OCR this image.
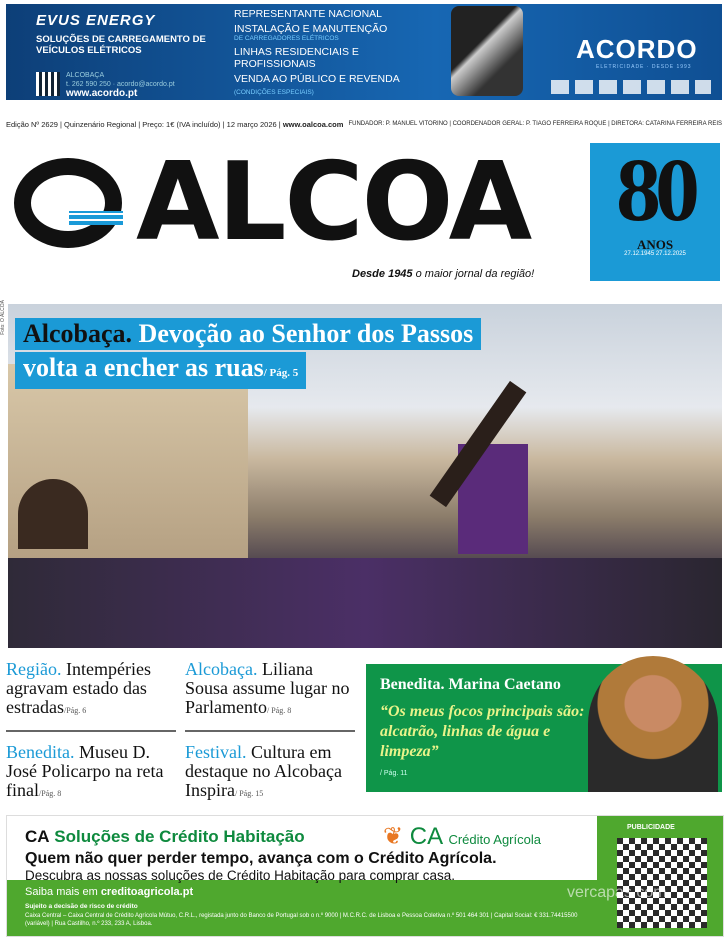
EVUS ENERGY
SOLUÇÕES DE CARREGAMENTO DE VEÍCULOS ELÉTRICOS
ALCOBAÇA
t. 262 590 250 · acordo@acordo.pt
www.acordo.pt
REPRESENTANTE NACIONAL
INSTALAÇÃO E MANUTENÇÃO
DE CARREGADORES ELÉTRICOS
LINHAS RESIDENCIAIS E PROFISSIONAIS
VENDA AO PÚBLICO E REVENDA (CONDIÇÕES ESPECIAIS)
ACORDO
ELETRICIDADE · DESDE 1993
Edição Nº 2629 | Quinzenário Regional | Preço: 1€ (IVA incluído) | 12 março 2026 | www.oalcoa.com FUNDADOR: P. MANUEL VITORINO | COORDENADOR GERAL: P. TIAGO FERREIRA ROQUE | DIRETORA: CATARINA FERREIRA REIS
ALCOA
Desde 1945 o maior jornal da região!
80
ANOS
27.12.1945 27.12.2025
Foto: O ALCOA Alcobaça. Devoção ao Senhor dos Passos
volta a encher as ruas/ Pág. 5
Região. Intempéries agravam estado das estradas/Pág. 6
Alcobaça. Liliana Sousa assume lugar no Parlamento/ Pág. 8
Benedita. Museu D. José Policarpo na reta final/Pág. 8
Festival. Cultura em destaque no Alcobaça Inspira/ Pág. 15
Benedita. Marina Caetano
“Os meus focos principais são: alcatrão, linhas de água e limpeza”
/ Pág. 11
CA Soluções de Crédito Habitação	❦ CA Crédito Agrícola
Quem não quer perder tempo, avança com o Crédito Agrícola.
Descubra as nossas soluções de Crédito Habitação para comprar casa.
Saiba mais em creditoagricola.pt
Sujeito a decisão de risco de crédito
Caixa Central – Caixa Central de Crédito Agrícola Mútuo, C.R.L., registada junto do Banco de Portugal sob o n.º 9000 | M.C.R.C. de Lisboa e Pessoa Coletiva n.º 501 464 301 | Capital Social: € 331.74415500 (variável) | Rua Castilho, n.º 233, 233 A, Lisboa.
PUBLICIDADE
vercapas.com
